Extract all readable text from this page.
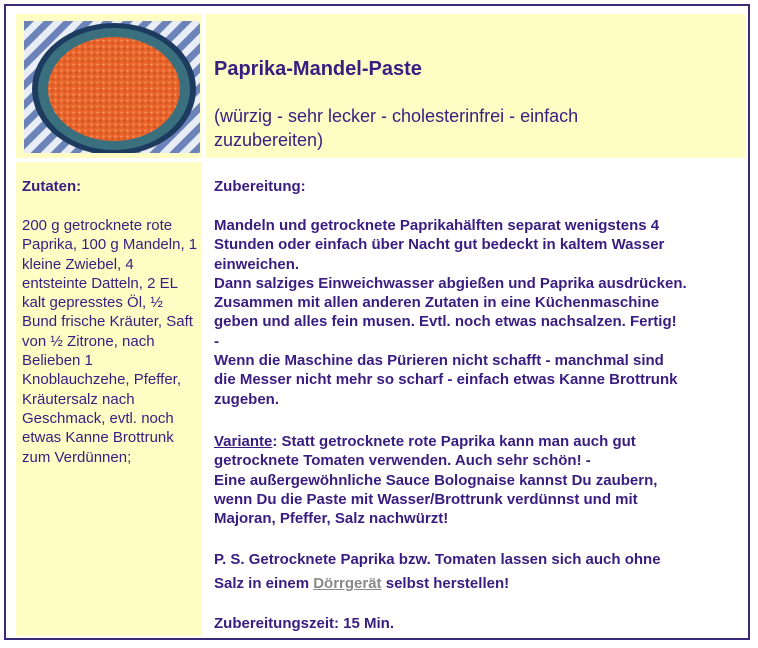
Paprika-Mandel-Paste
(würzig - sehr lecker - cholesterinfrei - einfach zuzubereiten)
Zutaten:
200 g getrocknete rote Paprika, 100 g Mandeln, 1 kleine Zwiebel, 4 entsteinte Datteln, 2 EL kalt gepresstes Öl, ½ Bund frische Kräuter, Saft von ½ Zitrone, nach Belieben 1 Knoblauchzehe, Pfeffer, Kräutersalz nach Geschmack, evtl. noch etwas Kanne Brottrunk zum Verdünnen;
Zubereitung:
Mandeln und getrocknete Paprikahälften separat wenigstens 4
Stunden oder einfach über Nacht gut bedeckt in kaltem Wasser
einweichen.
Dann salziges Einweichwasser abgießen und Paprika ausdrücken.
Zusammen mit allen anderen Zutaten in eine Küchenmaschine
geben und alles fein musen. Evtl. noch etwas nachsalzen. Fertig!
-
Wenn die Maschine das Pürieren nicht schafft - manchmal sind
die Messer nicht mehr so scharf - einfach etwas Kanne Brottrunk
zugeben.
Variante: Statt getrocknete rote Paprika kann man auch gut
getrocknete Tomaten verwenden. Auch sehr schön! -
Eine außergewöhnliche Sauce Bolognaise kannst Du zaubern,
wenn Du die Paste mit Wasser/Brottrunk verdünnst und mit
Majoran, Pfeffer, Salz nachwürzt!
P. S. Getrocknete Paprika bzw. Tomaten lassen sich auch ohne
Salz in einem Dörrgerät selbst herstellen!
Zubereitungszeit: 15 Min.
